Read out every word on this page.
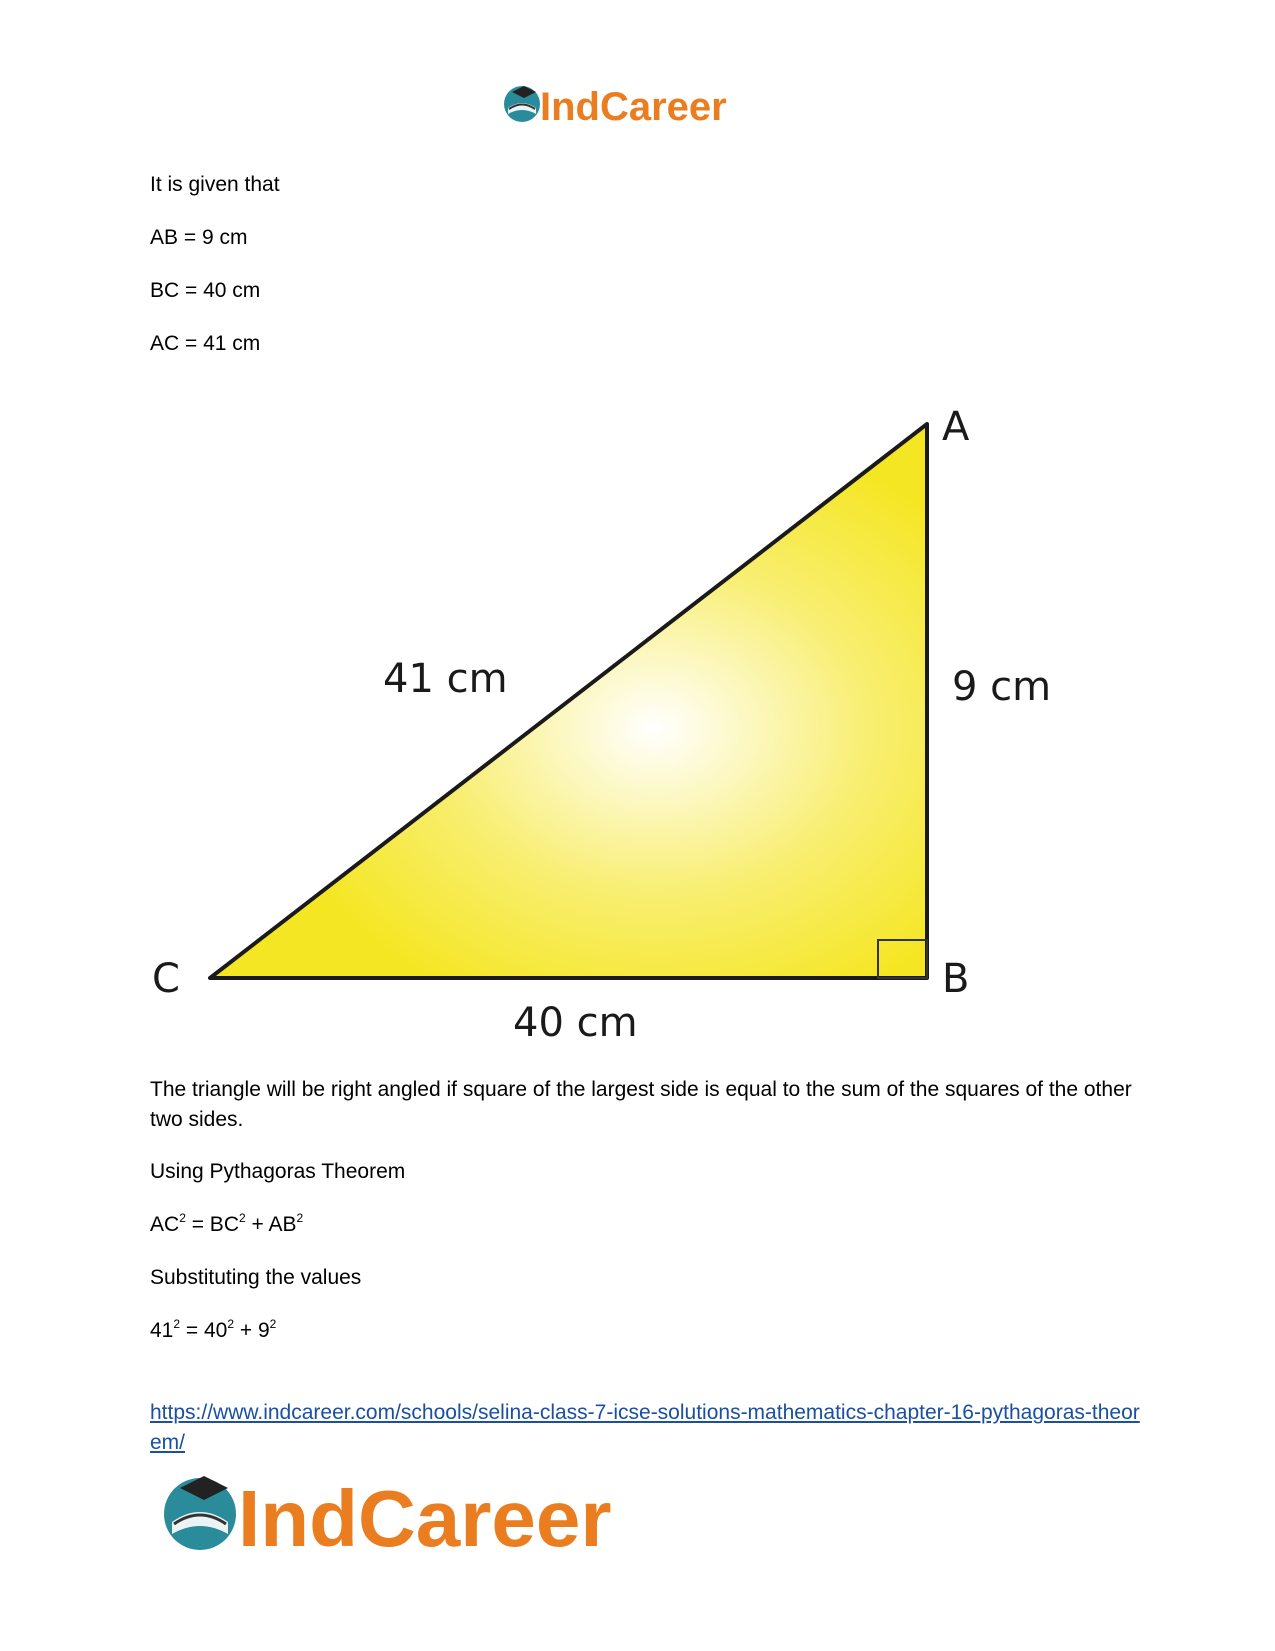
IndCareer
It is given that
AB = 9 cm
BC = 40 cm
AC = 41 cm
A
B
C
41 cm	9 cm
40 cm
The triangle will be right angled if square of the largest side is equal to the sum of the squares of the other two sides.
Using Pythagoras Theorem
$AC^2 = BC^2 + AB^2$
Substituting the values
$41^2 = 40^2 + 9^2$
https://www.indcareer.com/schools/selina-class-7-icse-solutions-mathematics-chapter-16-pythagoras-theorem/
IndCareer
